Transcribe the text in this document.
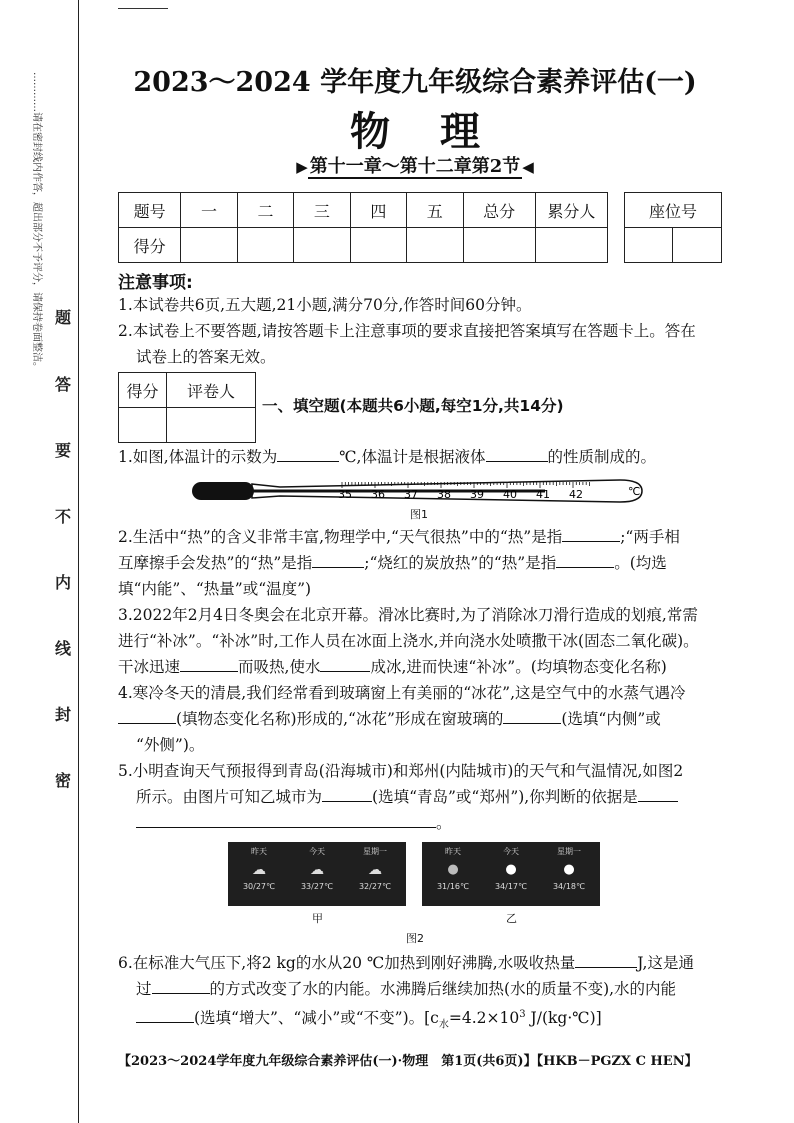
…………请在密封线内作答，超出部分不予评分，请保持卷面整洁。 题
答
要
不
内
线
封
密
2023～2024 学年度九年级综合素养评估(一)
物理
▶ 第十一章～第十二章第2节 ◀
题号	一	二	三	四	五	总分	累分人
得分							
座位号

注意事项:
1.本试卷共6页,五大题,21小题,满分70分,作答时间60分钟。
2.本试卷上不要答题,请按答题卡上注意事项的要求直接把答案填写在答题卡上。答在
试卷上的答案无效。
得分	评卷人

一、填空题(本题共6小题,每空1分,共14分)
1.如图,体温计的示数为	℃,体温计是根据液体	的性质制成的。
35 36 37 38 39 40 41 42	℃
图1
2.生活中“热”的含义非常丰富,物理学中,“天气很热”中的“热”是指	;“两手相
互摩擦手会发热”的“热”是指	;“烧红的炭放热”的“热”是指	。(均选
填“内能”、“热量”或“温度”)
3.2022年2月4日冬奥会在北京开幕。滑冰比赛时,为了消除冰刀滑行造成的划痕,常需
进行“补冰”。“补冰”时,工作人员在冰面上浇水,并向浇水处喷撒干冰(固态二氧化碳)。
干冰迅速	而吸热,使水	成冰,进而快速“补冰”。(均填物态变化名称)
4.寒冷冬天的清晨,我们经常看到玻璃窗上有美丽的“冰花”,这是空气中的水蒸气遇冷
(填物态变化名称)形成的,“冰花”形成在窗玻璃的	(选填“内侧”或
“外侧”)。
5.小明查询天气预报得到青岛(沿海城市)和郑州(内陆城市)的天气和气温情况,如图2
所示。由图片可知乙城市为	(选填“青岛”或“郑州”),你判断的依据是
。
昨天	今天	星期一
☁	☁	☁
30/27℃	33/27℃	32/27℃
昨天	今天	星期一
●	●	●
31/16℃	34/17℃	34/18℃
甲	乙
图2
6.在标准大气压下,将2 kg的水从20 ℃加热到刚好沸腾,水吸收热量	J,这是通
过	的方式改变了水的内能。水沸腾后继续加热(水的质量不变),水的内能
(选填“增大”、“减小”或“不变”)。[$c_水=4.2\times 10^3$ J/(kg·℃)]
【2023～2024学年度九年级综合素养评估(一)·物理　第1页(共6页)】【HKB－PGZX C HEN】
